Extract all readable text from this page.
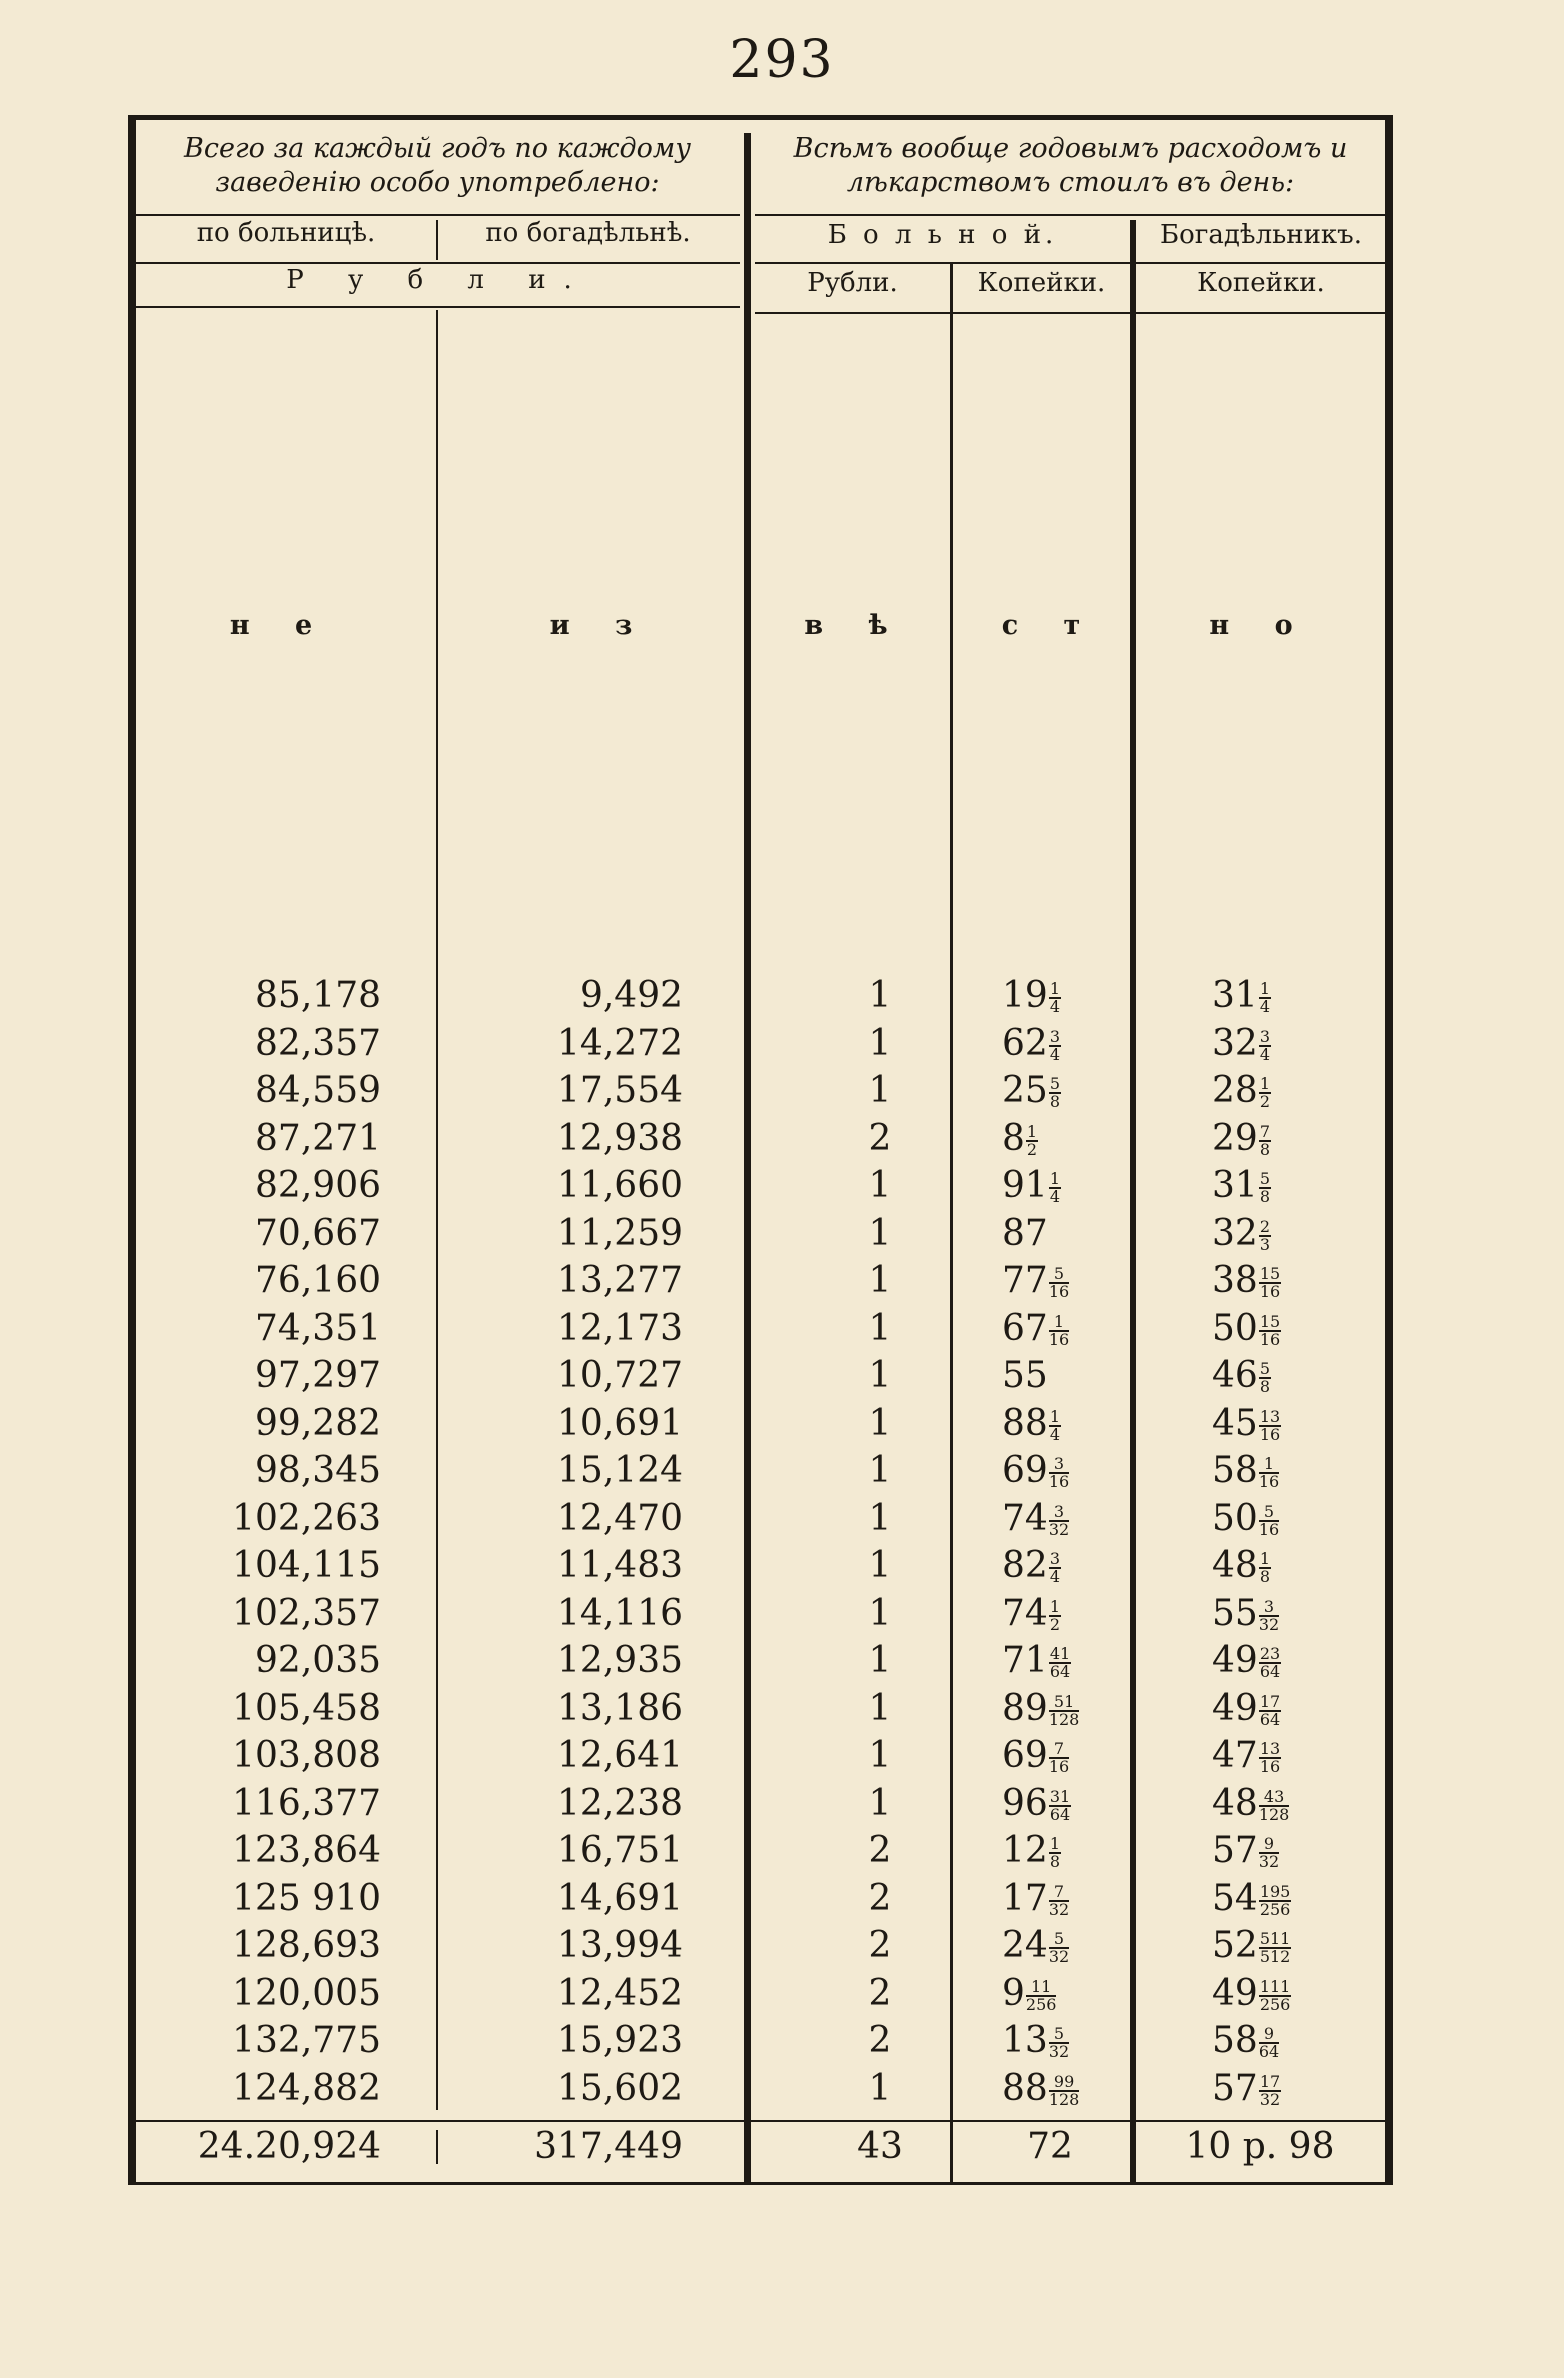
293
Всего за каждый годъ по каждому заведенію особо употреблено:
Всѣмъ вообще годовымъ расходомъ и лѣкарствомъ стоилъ въ день:
по больницѣ.	по богадѣльнѣ.	Б о л ь н о й.	Богадѣльникъ.
Р у б л и.	Рубли.	Копейки.	Копейки.
н е	и з	в ѣ	с т	н о
85,178	9,492	1	$19 \frac{1}{4}$	$31 \frac{1}{4}$
82,357	14,272	1	$62 \frac{3}{4}$	$32 \frac{3}{4}$
84,559	17,554	1	$25 \frac{5}{8}$	$28 \frac{1}{2}$
87,271	12,938	2	$8 \frac{1}{2}$	$29 \frac{7}{8}$
82,906	11,660	1	$91 \frac{1}{4}$	$31 \frac{5}{8}$
70,667	11,259	1	87	$32 \frac{2}{3}$
76,160	13,277	1	$77 \frac{5}{16}$	$38 \frac{15}{16}$
74,351	12,173	1	$67 \frac{1}{16}$	$50 \frac{15}{16}$
97,297	10,727	1	55	$46 \frac{5}{8}$
99,282	10,691	1	$88 \frac{1}{4}$	$45 \frac{13}{16}$
98,345	15,124	1	$69 \frac{3}{16}$	$58 \frac{1}{16}$
102,263	12,470	1	$74 \frac{3}{32}$	$50 \frac{5}{16}$
104,115	11,483	1	$82 \frac{3}{4}$	$48 \frac{1}{8}$
102,357	14,116	1	$74 \frac{1}{2}$	$55 \frac{3}{32}$
92,035	12,935	1	$71 \frac{41}{64}$	$49 \frac{23}{64}$
105,458	13,186	1	$89 \frac{51}{128}$	$49 \frac{17}{64}$
103,808	12,641	1	$69 \frac{7}{16}$	$47 \frac{13}{16}$
116,377	12,238	1	$96 \frac{31}{64}$	$48 \frac{43}{128}$
123,864	16,751	2	$12 \frac{1}{8}$	$57 \frac{9}{32}$
125 910	14,691	2	$17 \frac{7}{32}$	$54 \frac{195}{256}$
128,693	13,994	2	$24 \frac{5}{32}$	$52 \frac{511}{512}$
120,005	12,452	2	$9 \frac{11}{256}$	$49 \frac{111}{256}$
132,775	15,923	2	$13 \frac{5}{32}$	$58 \frac{9}{64}$
124,882	15,602	1	$88 \frac{99}{128}$	$57 \frac{17}{32}$
24.20,924	317,449	43	72	10 р. 98
